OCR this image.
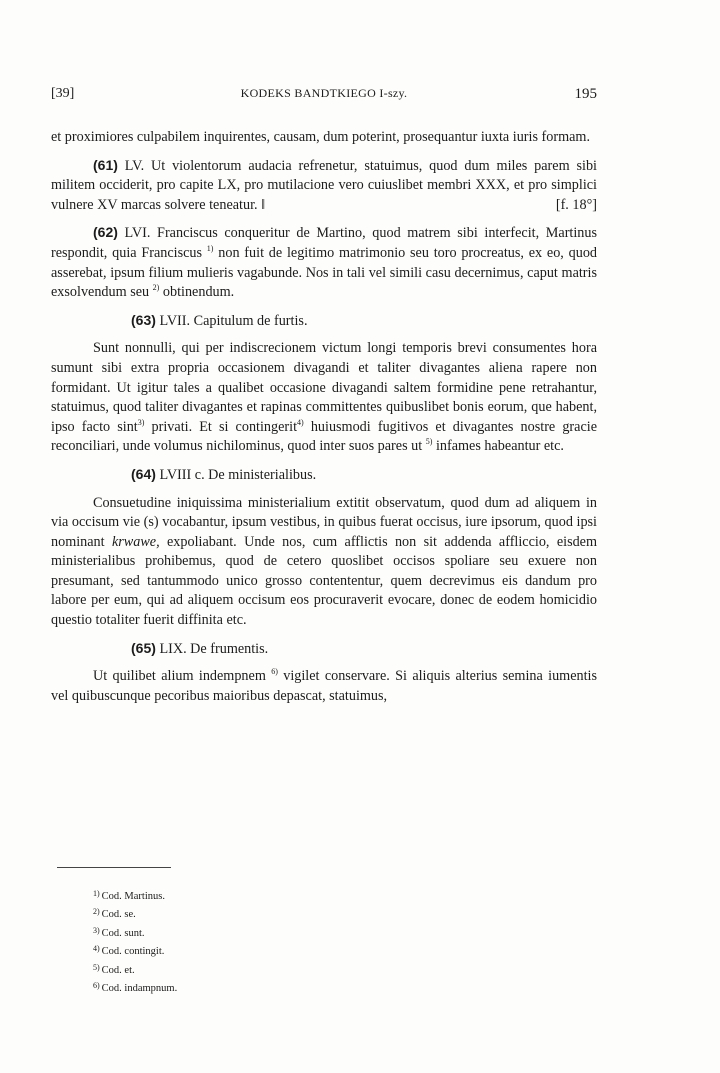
[39]	KODEKS BANDTKIEGO I-szy.	195

et proximiores culpabilem inquirentes, causam, dum poterint, prosequantur iuxta iuris formam.

(61) LV. Ut violentorum audacia refrenetur, statuimus, quod dum miles parem sibi militem occiderit, pro capite LX, pro mutilacione vero cuiuslibet membri XXX, et pro simplici vulnere XV marcas solvere teneatur. ‖	[f. 18°]

(62) LVI. Franciscus conqueritur de Martino, quod matrem sibi interfecit, Martinus respondit, quia Franciscus $^{1)}$ non fuit de legitimo matrimonio seu toro procreatus, ex eo, quod asserebat, ipsum filium mulieris vagabunde. Nos in tali vel simili casu decernimus, caput matris exsolvendum seu $^{2)}$ obtinendum.

(63) LVII. Capitulum de furtis.

Sunt nonnulli, qui per indiscrecionem victum longi temporis brevi consumentes hora sumunt sibi extra propria occasionem divagandi et taliter divagantes aliena rapere non formidant. Ut igitur tales a qualibet occasione divagandi saltem formidine pene retrahantur, statuimus, quod taliter divagantes et rapinas committentes quibuslibet bonis eorum, que habent, ipso facto sint$^{3)}$ privati. Et si contingerit$^{4)}$ huiusmodi fugitivos et divagantes nostre gracie reconciliari, unde volumus nichilominus, quod inter suos pares ut $^{5)}$ infames habeantur etc.

(64) LVIII c. De ministerialibus.

Consuetudine iniquissima ministerialium extitit observatum, quod dum ad aliquem in via occisum vie (s) vocabantur, ipsum vestibus, in quibus fuerat occisus, iure ipsorum, quod ipsi nominant krwawe, expoliabant. Unde nos, cum afflictis non sit addenda affliccio, eisdem ministerialibus prohibemus, quod de cetero quoslibet occisos spoliare seu exuere non presumant, sed tantummodo unico grosso contententur, quem decrevimus eis dandum pro labore per eum, qui ad aliquem occisum eos procuraverit evocare, donec de eodem homicidio questio totaliter fuerit diffinita etc.

(65) LIX. De frumentis.

Ut quilibet alium indempnem $^{6)}$ vigilet conservare. Si aliquis alterius semina iumentis vel quibuscunque pecoribus maioribus depascat, statuimus,

$^{1)}$ Cod. Martinus.
$^{2)}$ Cod. se.
$^{3)}$ Cod. sunt.
$^{4)}$ Cod. contingit.
$^{5)}$ Cod. et.
$^{6)}$ Cod. indampnum.
